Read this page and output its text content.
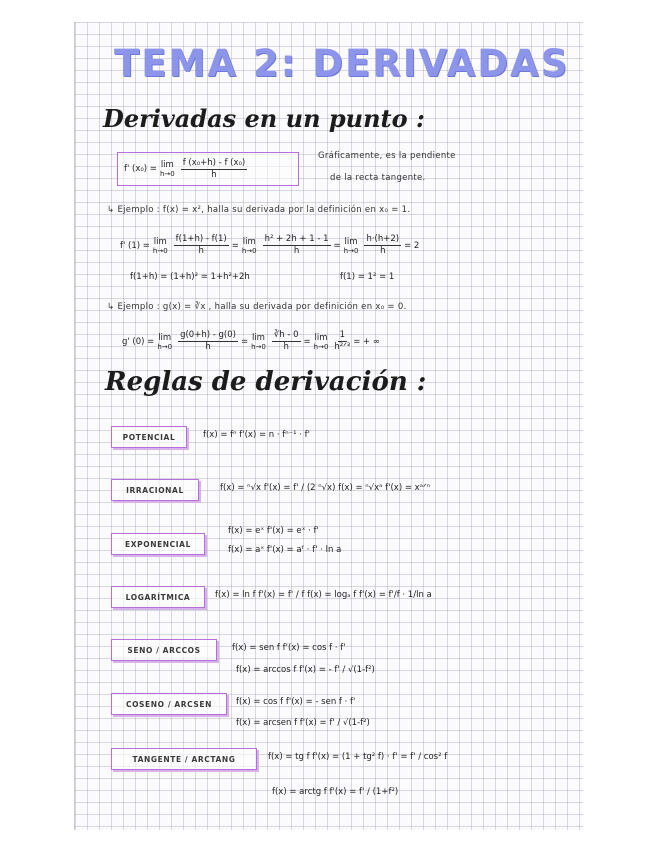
TEMA 2: DERIVADAS
Derivadas en un punto :
f' (x₀) = lim
$h\to 0 \frac{\text{f (x₀+h) - f (x₀)}}{h}$
Gráficamente, es la pendiente
de la recta tangente.
↳ Ejemplo : f(x) = x², halla su derivada por la definición en x₀ = 1.
f' (1) = lim
$h\to 0 \frac{f(1+h) - f(1)}{h} = \lim$
$h\to 0 \frac{\text{h² + 2h + 1 - 1}}{h} = \lim$
$h\to 0 \frac{h\cdot(h+2)}{h} = 2$
f(1+h) = (1+h)² = 1+h²+2h	f(1) = 1² = 1
↳ Ejemplo : g(x) = ∛x , halla su derivada por definición en x₀ = 0.
g' (0) = lim
$h\to 0 \frac{g(0+h) - g(0)}{h} = \lim$
$h\to 0 \frac{∛h - 0}{h} = \lim$
$h\to 0 \frac{1}{\text{h²ᐟ³}}$ = + ∞
Reglas de derivación :
POTENCIAL	f(x) = fⁿ f'(x) = n · fⁿ⁻¹ · f'
IRRACIONAL	f(x) = ⁿ√x f'(x) = f' / (2 ⁿ√x) f(x) = ⁿ√xᵃ f'(x) = xᵃᐟⁿ
EXPONENCIAL
f(x) = eˣ f'(x) = eˣ · f'
f(x) = aˣ f'(x) = aᶠ · f' · ln a
LOGARÍTMICA	f(x) = ln f f'(x) = f' / f f(x) = logₐ f f'(x) = f'/f · 1/ln a
SENO / ARCCOS	f(x) = sen f f'(x) = cos f · f'
f(x) = arccos f f'(x) = - f' / √(1-f²)
COSENO / ARCSEN	f(x) = cos f f'(x) = - sen f · f'
f(x) = arcsen f f'(x) = f' / √(1-f²)
TANGENTE / ARCTANG	f(x) = tg f f'(x) = (1 + tg² f) · f' = f' / cos² f
f(x) = arctg f f'(x) = f' / (1+f²)
